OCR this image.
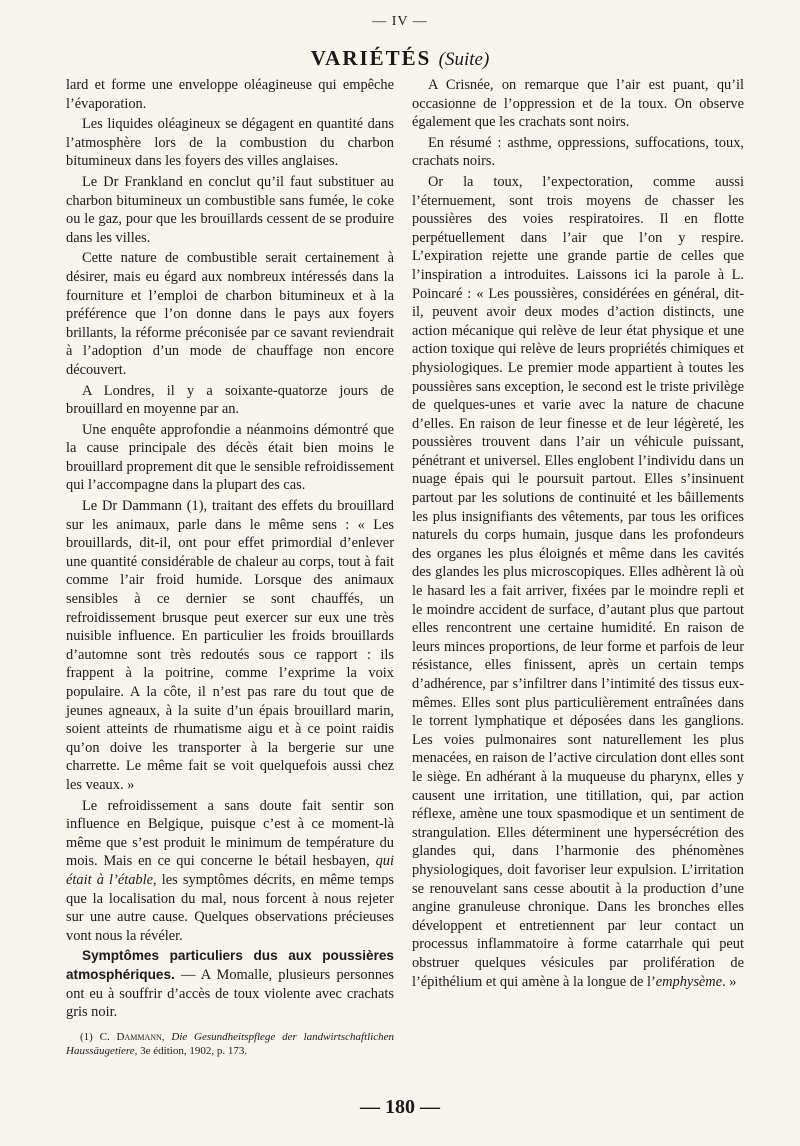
— IV —
VARIÉTÉS (Suite)

lard et forme une enveloppe oléagineuse qui empêche l’évaporation.

Les liquides oléagineux se dégagent en quantité dans l’atmosphère lors de la combustion du charbon bitumineux dans les foyers des villes anglaises.

Le Dr Frankland en conclut qu’il faut substituer au charbon bitumineux un combustible sans fumée, le coke ou le gaz, pour que les brouillards cessent de se produire dans les villes.

Cette nature de combustible serait certainement à désirer, mais eu égard aux nombreux intéressés dans la fourniture et l’emploi de charbon bitumineux et à la préférence que l’on donne dans le pays aux foyers brillants, la réforme préconisée par ce savant reviendrait à l’adoption d’un mode de chauffage non encore découvert.

A Londres, il y a soixante-quatorze jours de brouillard en moyenne par an.

Une enquête approfondie a néanmoins démontré que la cause principale des décès était bien moins le brouillard proprement dit que le sensible refroidissement qui l’accompagne dans la plupart des cas.

Le Dr Dammann (1), traitant des effets du brouillard sur les animaux, parle dans le même sens : « Les brouillards, dit-il, ont pour effet primordial d’enlever une quantité considérable de chaleur au corps, tout à fait comme l’air froid humide. Lorsque des animaux sensibles à ce dernier se sont chauffés, un refroidissement brusque peut exercer sur eux une très nuisible influence. En particulier les froids brouillards d’automne sont très redoutés sous ce rapport : ils frappent à la poitrine, comme l’exprime la voix populaire. A la côte, il n’est pas rare du tout que de jeunes agneaux, à la suite d’un épais brouillard marin, soient atteints de rhumatisme aigu et à ce point raidis qu’on doive les transporter à la bergerie sur une charrette. Le même fait se voit quelquefois aussi chez les veaux. »

Le refroidissement a sans doute fait sentir son influence en Belgique, puisque c’est à ce moment-là même que s’est produit le minimum de température du mois. Mais en ce qui concerne le bétail hesbayen, qui était à l’étable, les symptômes décrits, en même temps que la localisation du mal, nous forcent à nous rejeter sur une autre cause. Quelques observations précieuses vont nous la révéler.

Symptômes particuliers dus aux poussières atmosphériques. — A Momalle, plusieurs personnes ont eu à souffrir d’accès de toux violente avec crachats gris noir.

(1) C. Dammann, Die Gesundheitspflege der landwirtschaftlichen Haussäugetiere, 3e édition, 1902, p. 173.

A Crisnée, on remarque que l’air est puant, qu’il occasionne de l’oppression et de la toux. On observe également que les crachats sont noirs.

En résumé : asthme, oppressions, suffocations, toux, crachats noirs.

Or la toux, l’expectoration, comme aussi l’éternuement, sont trois moyens de chasser les poussières des voies respiratoires. Il en flotte perpétuellement dans l’air que l’on y respire. L’expiration rejette une grande partie de celles que l’inspiration a introduites. Laissons ici la parole à L. Poincaré : « Les poussières, considérées en général, dit-il, peuvent avoir deux modes d’action distincts, une action mécanique qui relève de leur état physique et une action toxique qui relève de leurs propriétés chimiques et physiologiques. Le premier mode appartient à toutes les poussières sans exception, le second est le triste privilège de quelques-unes et varie avec la nature de chacune d’elles. En raison de leur finesse et de leur légèreté, les poussières trouvent dans l’air un véhicule puissant, pénétrant et universel. Elles englobent l’individu dans un nuage épais qui le poursuit partout. Elles s’insinuent partout par les solutions de continuité et les bâillements les plus insignifiants des vêtements, par tous les orifices naturels du corps humain, jusque dans les profondeurs des organes les plus éloignés et même dans les cavités des glandes les plus microscopiques. Elles adhèrent là où le hasard les a fait arriver, fixées par le moindre repli et le moindre accident de surface, d’autant plus que partout elles rencontrent une certaine humidité. En raison de leurs minces proportions, de leur forme et parfois de leur résistance, elles finissent, après un certain temps d’adhérence, par s’infiltrer dans l’intimité des tissus eux-mêmes. Elles sont plus particulièrement entraînées dans le torrent lymphatique et déposées dans les ganglions. Les voies pulmonaires sont naturellement les plus menacées, en raison de l’active circulation dont elles sont le siège. En adhérant à la muqueuse du pharynx, elles y causent une irritation, une titillation, qui, par action réflexe, amène une toux spasmodique et un sentiment de strangulation. Elles déterminent une hypersécrétion des glandes qui, dans l’harmonie des phénomènes physiologiques, doit favoriser leur expulsion. L’irritation se renouvelant sans cesse aboutit à la production d’une angine granuleuse chronique. Dans les bronches elles développent et entretiennent par leur contact un processus inflammatoire à forme catarrhale qui peut obstruer quelques vésicules par prolifération de l’épithélium et qui amène à la longue de l’emphysème. »

— 180 —
